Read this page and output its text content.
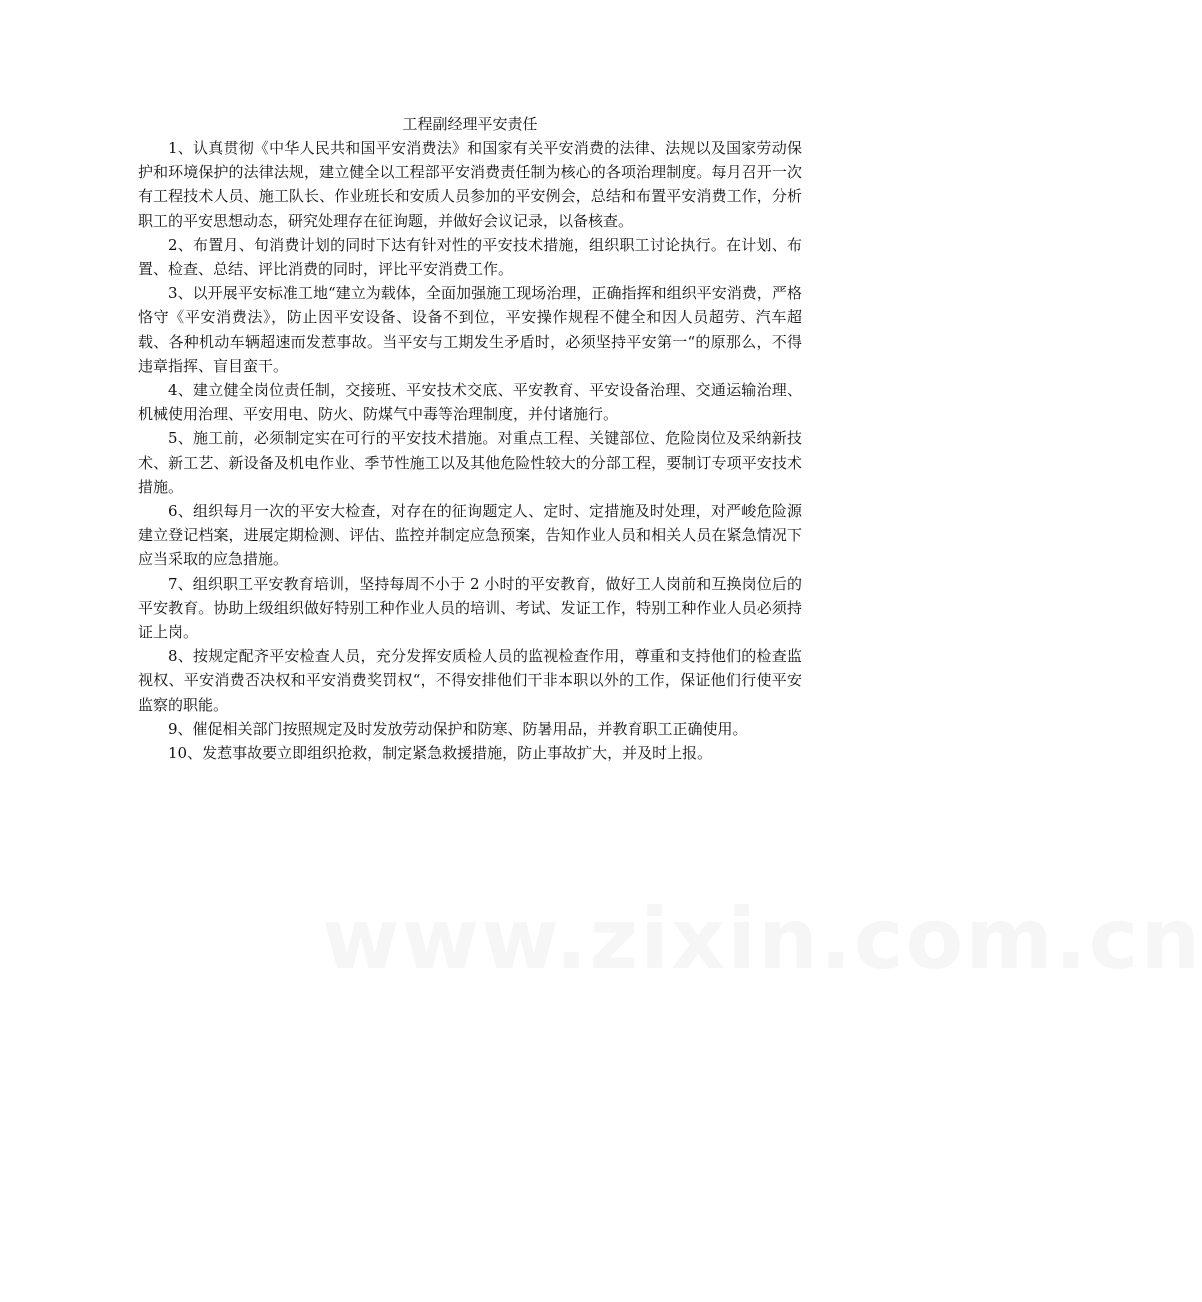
工程副经理平安责任

1、认真贯彻《中华人民共和国平安消费法》和国家有关平安消费的法律、法规以及国家劳动保护和环境保护的法律法规，建立健全以工程部平安消费责任制为核心的各项治理制度。每月召开一次有工程技术人员、施工队长、作业班长和安质人员参加的平安例会，总结和布置平安消费工作，分析职工的平安思想动态，研究处理存在征询题，并做好会议记录，以备核查。

2、布置月、旬消费计划的同时下达有针对性的平安技术措施，组织职工讨论执行。在计划、布置、检查、总结、评比消费的同时，评比平安消费工作。

3、以开展平安标准工地“建立为载体，全面加强施工现场治理，正确指挥和组织平安消费，严格恪守《平安消费法》，防止因平安设备、设备不到位，平安操作规程不健全和因人员超劳、汽车超载、各种机动车辆超速而发惹事故。当平安与工期发生矛盾时，必须坚持平安第一“的原那么，不得违章指挥、盲目蛮干。

4、建立健全岗位责任制，交接班、平安技术交底、平安教育、平安设备治理、交通运输治理、机械使用治理、平安用电、防火、防煤气中毒等治理制度，并付诸施行。

5、施工前，必须制定实在可行的平安技术措施。对重点工程、关键部位、危险岗位及采纳新技术、新工艺、新设备及机电作业、季节性施工以及其他危险性较大的分部工程，要制订专项平安技术措施。

6、组织每月一次的平安大检查，对存在的征询题定人、定时、定措施及时处理，对严峻危险源建立登记档案，进展定期检测、评估、监控并制定应急预案，告知作业人员和相关人员在紧急情况下应当采取的应急措施。

7、组织职工平安教育培训，坚持每周不小于 2 小时的平安教育，做好工人岗前和互换岗位后的平安教育。协助上级组织做好特别工种作业人员的培训、考试、发证工作，特别工种作业人员必须持证上岗。

8、按规定配齐平安检查人员，充分发挥安质检人员的监视检查作用，尊重和支持他们的检查监视权、平安消费否决权和平安消费奖罚权“，不得安排他们干非本职以外的工作，保证他们行使平安监察的职能。

9、催促相关部门按照规定及时发放劳动保护和防寒、防暑用品，并教育职工正确使用。

10、发惹事故要立即组织抢救，制定紧急救援措施，防止事故扩大，并及时上报。

www.zixin.com.cn
